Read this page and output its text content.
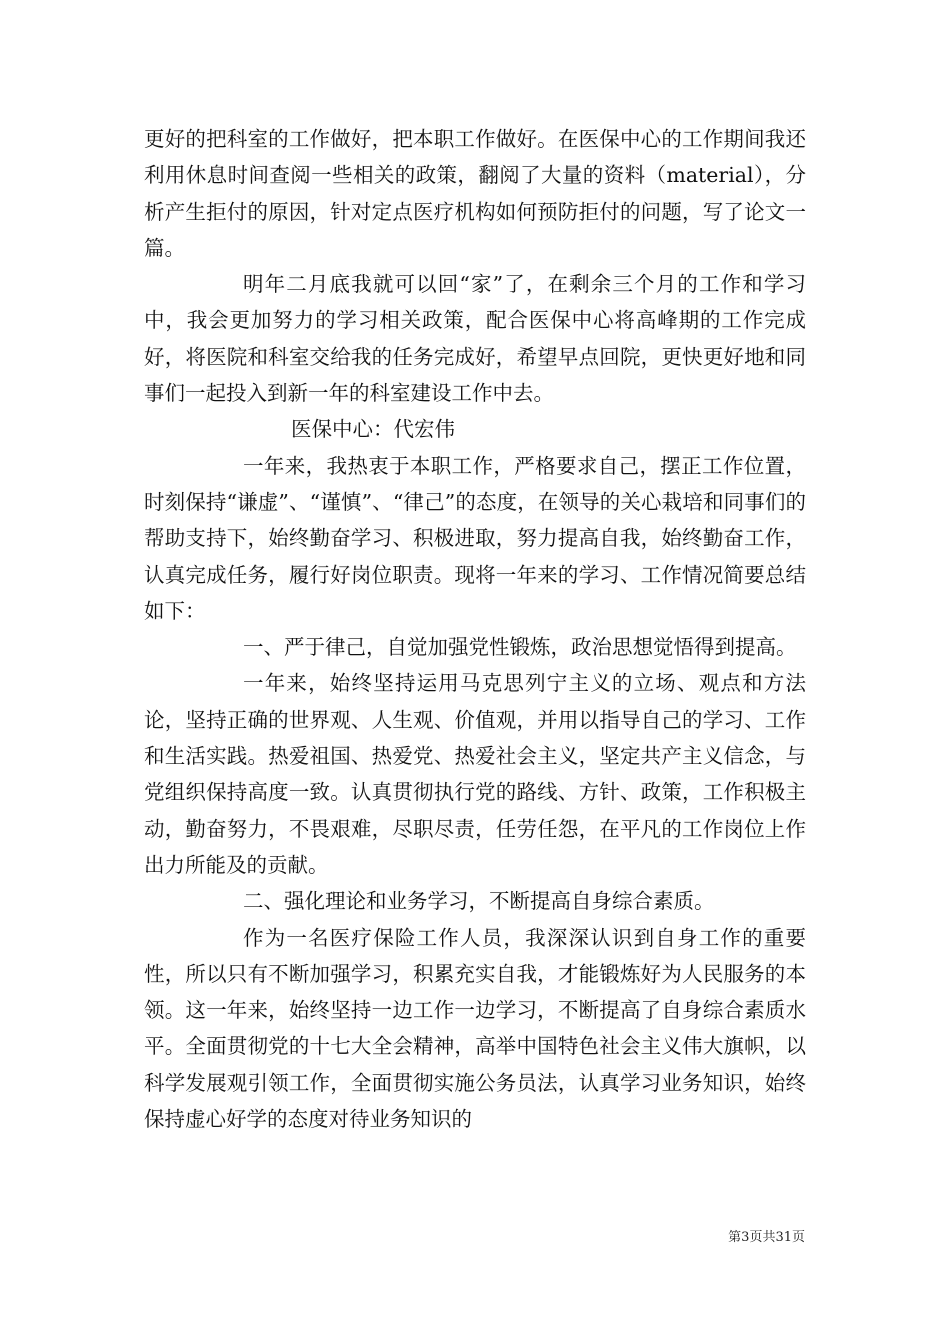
更好的把科室的工作做好，把本职工作做好。在医保中心的工作期间我还利用休息时间查阅一些相关的政策，翻阅了大量的资料（material），分析产生拒付的原因，针对定点医疗机构如何预防拒付的问题，写了论文一篇。

明年二月底我就可以回“家”了，在剩余三个月的工作和学习中，我会更加努力的学习相关政策，配合医保中心将高峰期的工作完成好，将医院和科室交给我的任务完成好，希望早点回院，更快更好地和同事们一起投入到新一年的科室建设工作中去。

医保中心：代宏伟

一年来，我热衷于本职工作，严格要求自己，摆正工作位置，时刻保持“谦虚”、“谨慎”、“律己”的态度，在领导的关心栽培和同事们的帮助支持下，始终勤奋学习、积极进取，努力提高自我，始终勤奋工作，认真完成任务，履行好岗位职责。现将一年来的学习、工作情况简要总结如下：

一、严于律己，自觉加强党性锻炼，政治思想觉悟得到提高。

一年来，始终坚持运用马克思列宁主义的立场、观点和方法论，坚持正确的世界观、人生观、价值观，并用以指导自己的学习、工作和生活实践。热爱祖国、热爱党、热爱社会主义，坚定共产主义信念，与党组织保持高度一致。认真贯彻执行党的路线、方针、政策，工作积极主动，勤奋努力，不畏艰难，尽职尽责，任劳任怨，在平凡的工作岗位上作出力所能及的贡献。

二、强化理论和业务学习，不断提高自身综合素质。

作为一名医疗保险工作人员，我深深认识到自身工作的重要性，所以只有不断加强学习，积累充实自我，才能锻炼好为人民服务的本领。这一年来，始终坚持一边工作一边学习，不断提高了自身综合素质水平。全面贯彻党的十七大全会精神，高举中国特色社会主义伟大旗帜，以科学发展观引领工作，全面贯彻实施公务员法，认真学习业务知识，始终保持虚心好学的态度对待业务知识的

第3页共31页
